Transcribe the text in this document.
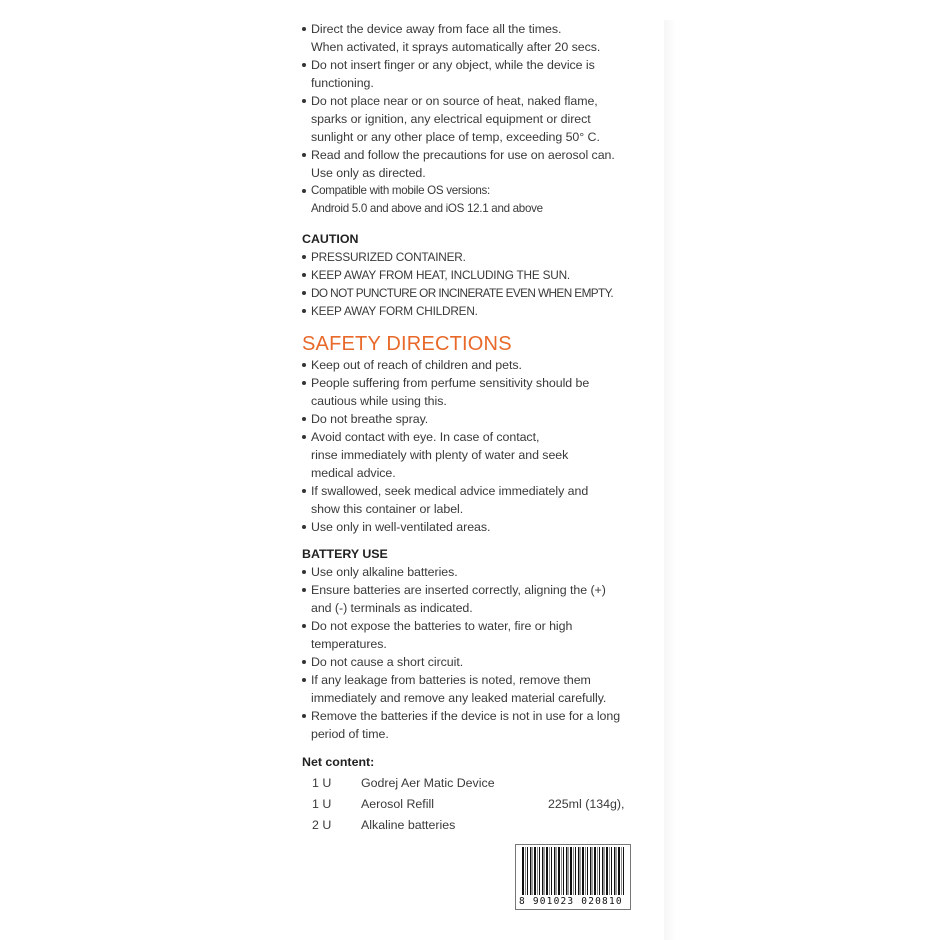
Direct the device away from face all the times.
When activated, it sprays automatically after 20 secs.
Do not insert finger or any object, while the device is
functioning.
Do not place near or on source of heat, naked flame,
sparks or ignition, any electrical equipment or direct
sunlight or any other place of temp, exceeding 50° C.
Read and follow the precautions for use on aerosol can.
Use only as directed.
Compatible with mobile OS versions:
Android 5.0 and above and iOS 12.1 and above
CAUTION
PRESSURIZED CONTAINER.
KEEP AWAY FROM HEAT, INCLUDING THE SUN.
DO NOT PUNCTURE OR INCINERATE EVEN WHEN EMPTY.
KEEP AWAY FORM CHILDREN.
SAFETY DIRECTIONS
Keep out of reach of children and pets.
People suffering from perfume sensitivity should be
cautious while using this.
Do not breathe spray.
Avoid contact with eye. In case of contact,
rinse immediately with plenty of water and seek
medical advice.
If swallowed, seek medical advice immediately and
show this container or label.
Use only in well-ventilated areas.
BATTERY USE
Use only alkaline batteries.
Ensure batteries are inserted correctly, aligning the (+)
and (-) terminals as indicated.
Do not expose the batteries to water, fire or high
temperatures.
Do not cause a short circuit.
If any leakage from batteries is noted, remove them
immediately and remove any leaked material carefully.
Remove the batteries if the device is not in use for a long
period of time.
Net content:
1 U Godrej Aer Matic Device
1 U Aerosol Refill	225ml (134g),
2 U Alkaline batteries
8 901023 020810
